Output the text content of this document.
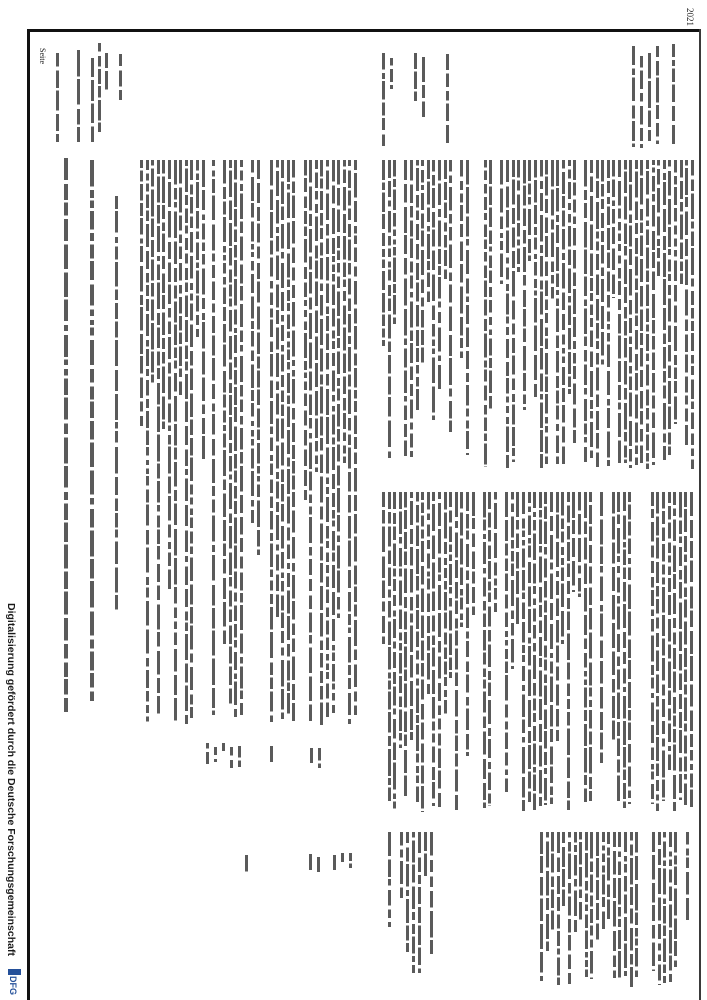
2021
Seite
Digitalisierung gefördert durch die Deutsche Forschungsgemeinschaft
DFG
